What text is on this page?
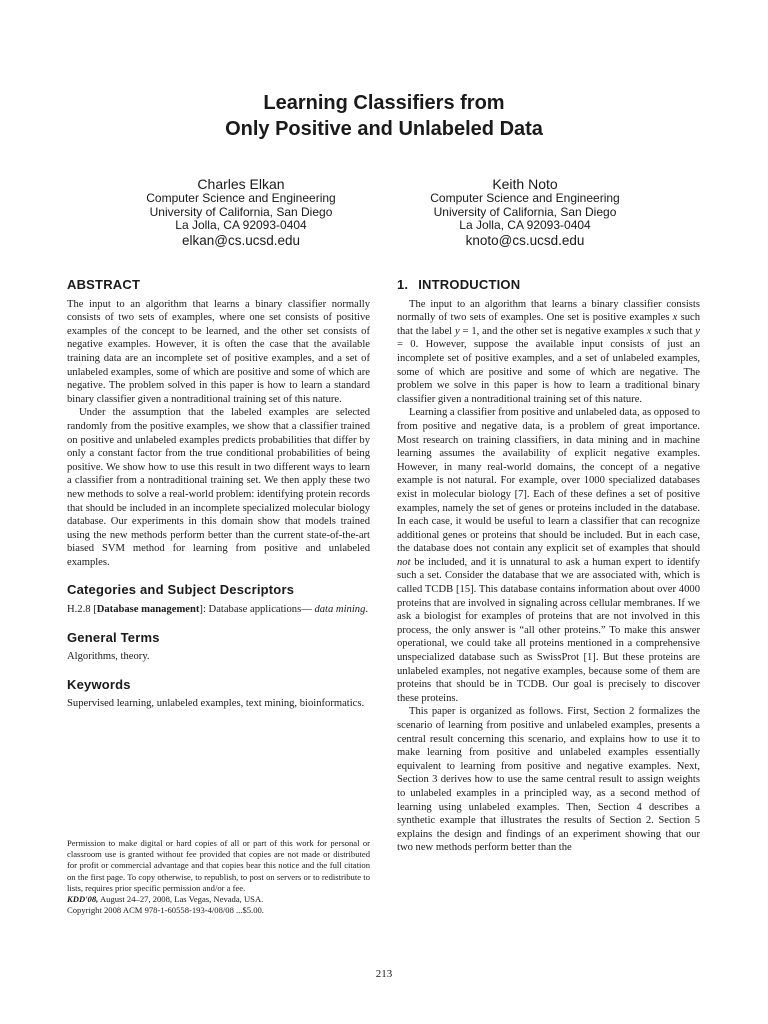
Learning Classifiers from
Only Positive and Unlabeled Data
Charles Elkan
Computer Science and Engineering
University of California, San Diego
La Jolla, CA 92093-0404
elkan@cs.ucsd.edu
Keith Noto
Computer Science and Engineering
University of California, San Diego
La Jolla, CA 92093-0404
knoto@cs.ucsd.edu
ABSTRACT

The input to an algorithm that learns a binary classifier normally consists of two sets of examples, where one set consists of positive examples of the concept to be learned, and the other set consists of negative examples. However, it is often the case that the available training data are an incomplete set of positive examples, and a set of unlabeled examples, some of which are positive and some of which are negative. The problem solved in this paper is how to learn a standard binary classifier given a nontraditional training set of this nature.

Under the assumption that the labeled examples are selected randomly from the positive examples, we show that a classifier trained on positive and unlabeled examples predicts probabilities that differ by only a constant factor from the true conditional probabilities of being positive. We show how to use this result in two different ways to learn a classifier from a nontraditional training set. We then apply these two new methods to solve a real-world problem: identifying protein records that should be included in an incomplete specialized molecular biology database. Our experiments in this domain show that models trained using the new methods perform better than the current state-of-the-art biased SVM method for learning from positive and unlabeled examples.

Categories and Subject Descriptors

H.2.8 [Database management]: Database applications— data mining.

General Terms

Algorithms, theory.

Keywords

Supervised learning, unlabeled examples, text mining, bioinformatics.

Permission to make digital or hard copies of all or part of this work for personal or classroom use is granted without fee provided that copies are not made or distributed for profit or commercial advantage and that copies bear this notice and the full citation on the first page. To copy otherwise, to republish, to post on servers or to redistribute to lists, requires prior specific permission and/or a fee.

KDD'08, August 24–27, 2008, Las Vegas, Nevada, USA.

Copyright 2008 ACM 978-1-60558-193-4/08/08 ...$5.00.

1. INTRODUCTION

The input to an algorithm that learns a binary classifier consists normally of two sets of examples. One set is positive examples x such that the label y = 1, and the other set is negative examples x such that y = 0. However, suppose the available input consists of just an incomplete set of positive examples, and a set of unlabeled examples, some of which are positive and some of which are negative. The problem we solve in this paper is how to learn a traditional binary classifier given a nontraditional training set of this nature.

Learning a classifier from positive and unlabeled data, as opposed to from positive and negative data, is a problem of great importance. Most research on training classifiers, in data mining and in machine learning assumes the availability of explicit negative examples. However, in many real-world domains, the concept of a negative example is not natural. For example, over 1000 specialized databases exist in molecular biology [7]. Each of these defines a set of positive examples, namely the set of genes or proteins included in the database. In each case, it would be useful to learn a classifier that can recognize additional genes or proteins that should be included. But in each case, the database does not contain any explicit set of examples that should not be included, and it is unnatural to ask a human expert to identify such a set. Consider the database that we are associated with, which is called TCDB [15]. This database contains information about over 4000 proteins that are involved in signaling across cellular membranes. If we ask a biologist for examples of proteins that are not involved in this process, the only answer is “all other proteins.” To make this answer operational, we could take all proteins mentioned in a comprehensive unspecialized database such as SwissProt [1]. But these proteins are unlabeled examples, not negative examples, because some of them are proteins that should be in TCDB. Our goal is precisely to discover these proteins.

This paper is organized as follows. First, Section 2 formalizes the scenario of learning from positive and unlabeled examples, presents a central result concerning this scenario, and explains how to use it to make learning from positive and unlabeled examples essentially equivalent to learning from positive and negative examples. Next, Section 3 derives how to use the same central result to assign weights to unlabeled examples in a principled way, as a second method of learning using unlabeled examples. Then, Section 4 describes a synthetic example that illustrates the results of Section 2. Section 5 explains the design and findings of an experiment showing that our two new methods perform better than the

213
